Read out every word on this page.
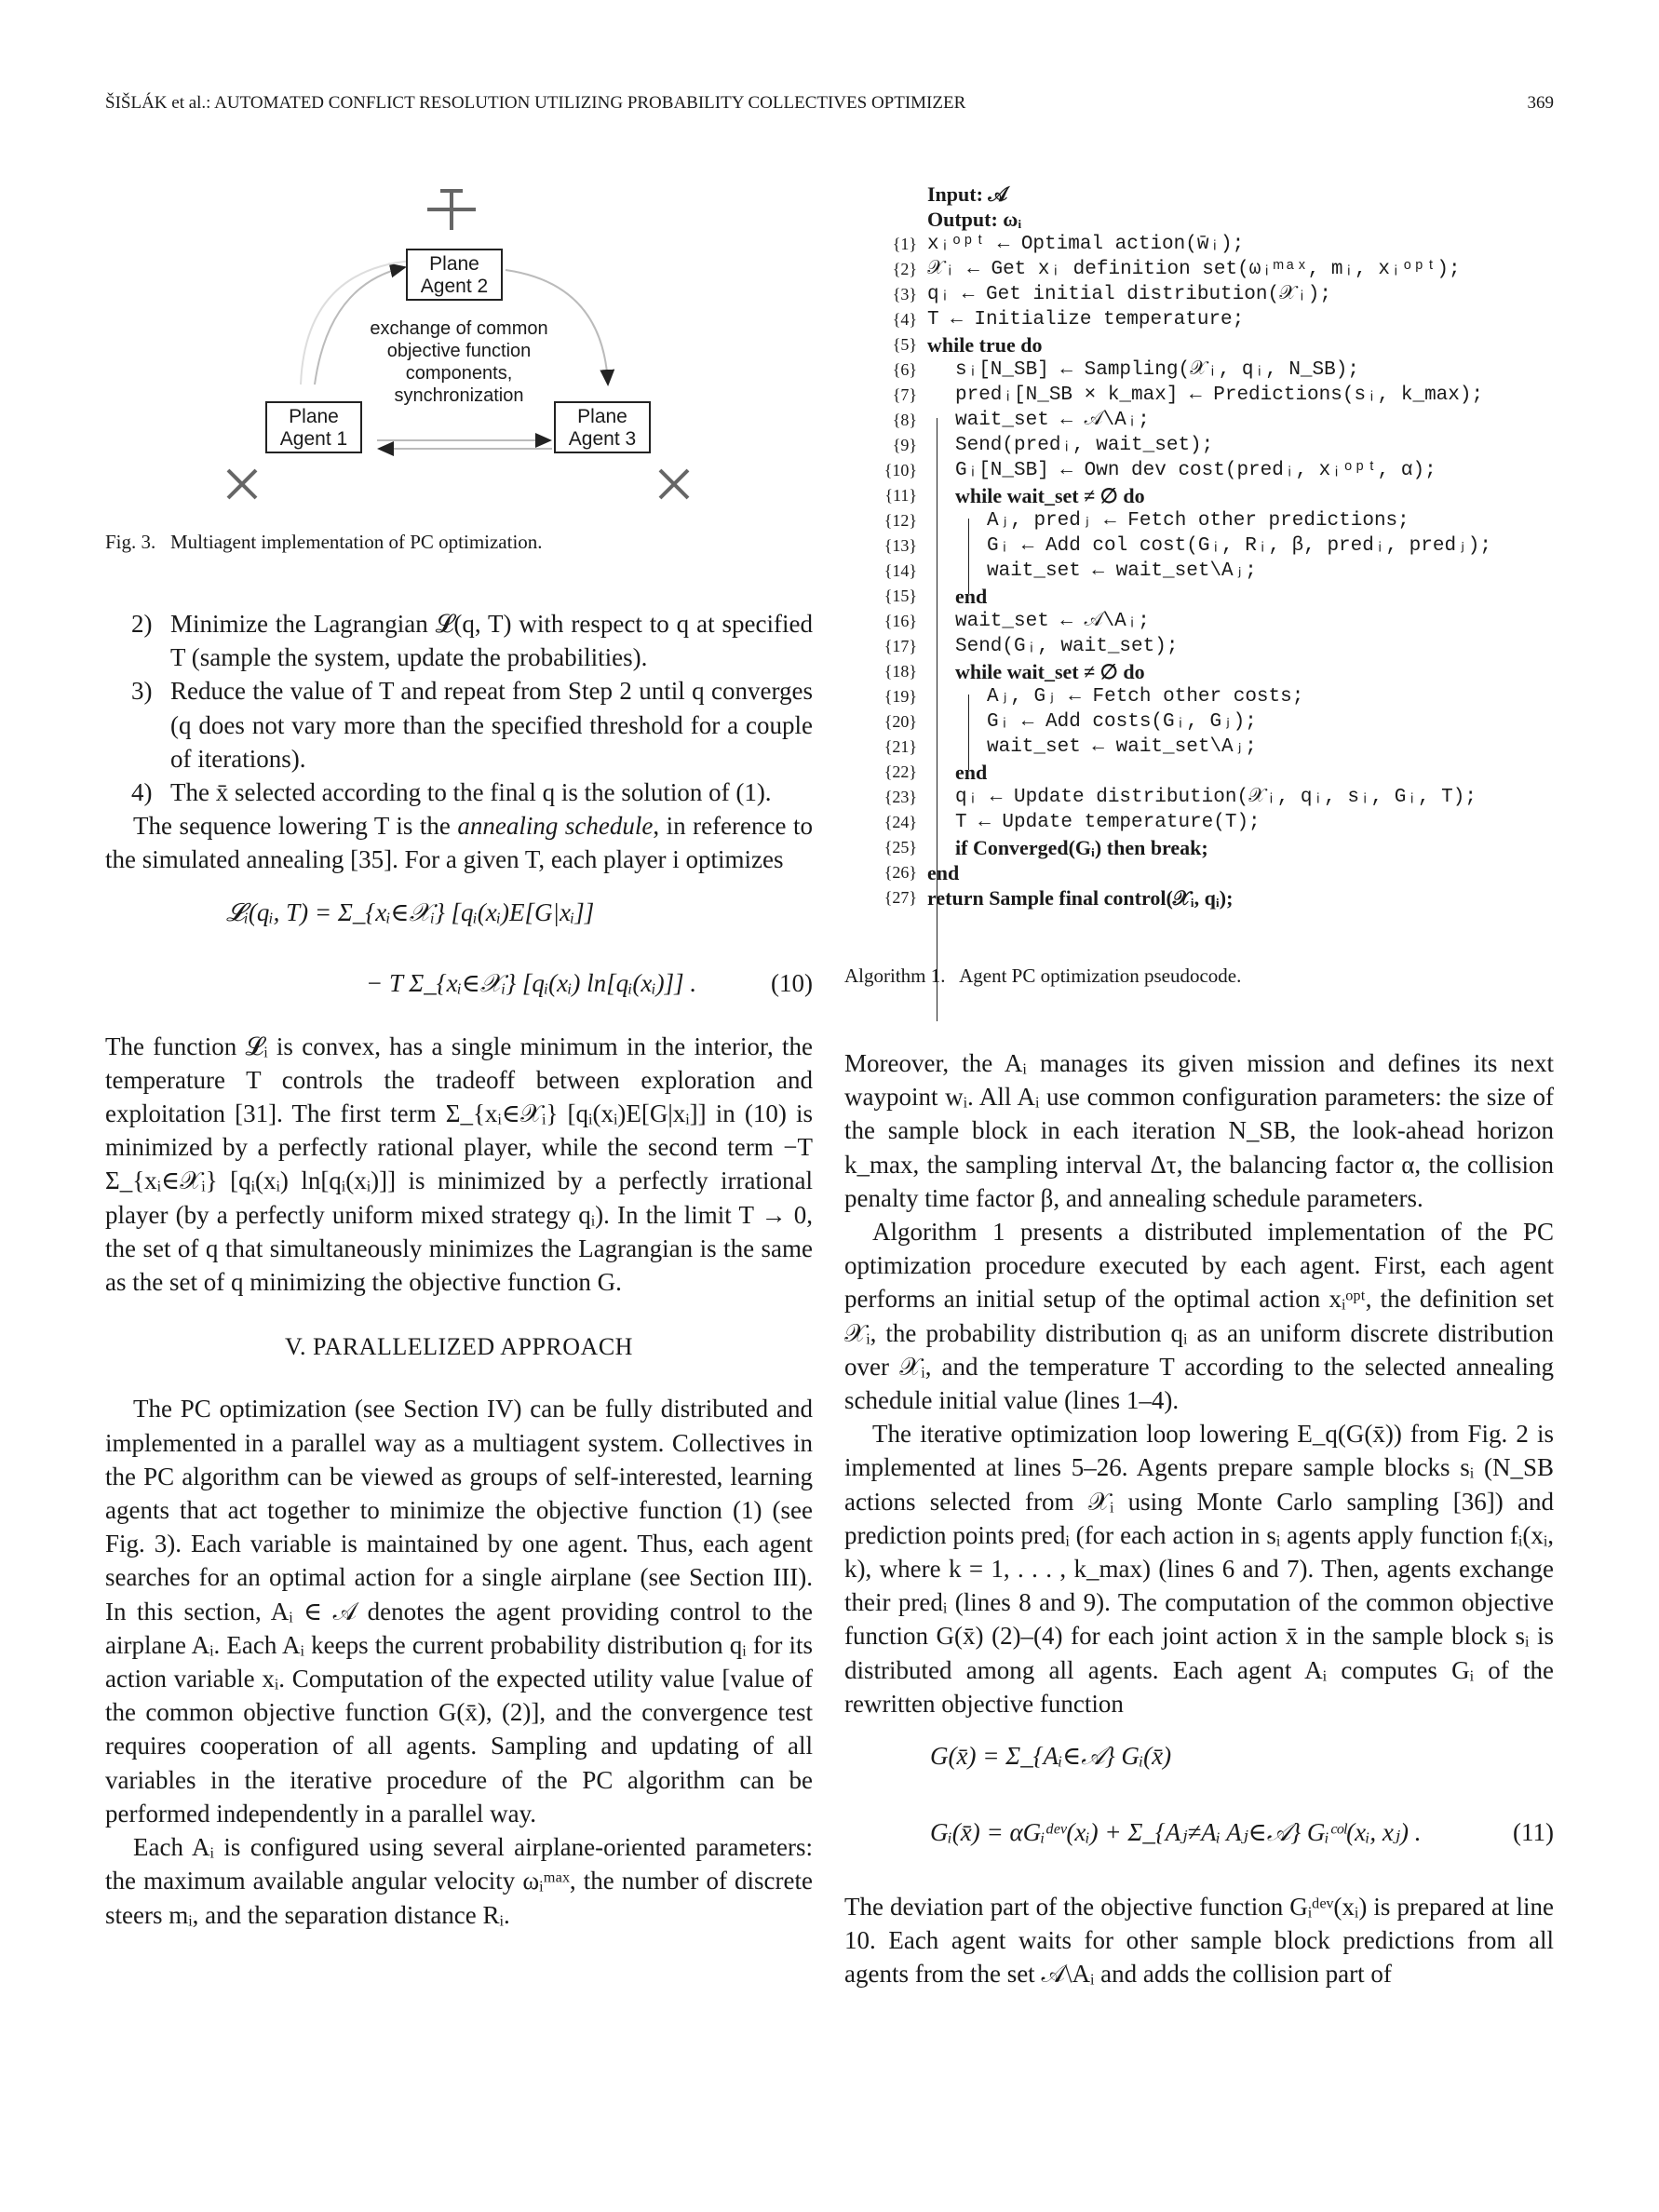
ŠIŠLÁK et al.: AUTOMATED CONFLICT RESOLUTION UTILIZING PROBABILITY COLLECTIVES OPTIMIZER	369
Plane Agent 2
Plane Agent 1
Plane Agent 3
exchange of common objective function components, synchronization
Fig. 3.   Multiagent implementation of PC optimization.
2) Minimize the Lagrangian 𝓛(q, T) with respect to q at specified T (sample the system, update the probabilities).
3) Reduce the value of T and repeat from Step 2 until q converges (q does not vary more than the specified threshold for a couple of iterations).
4) The x̄ selected according to the final q is the solution of (1).

The sequence lowering T is the annealing schedule, in reference to the simulated annealing [35]. For a given T, each player i optimizes

𝓛ᵢ(qᵢ, T) = Σ_{xᵢ∈𝒳ᵢ} [qᵢ(xᵢ)E[G|xᵢ]]
− T Σ_{xᵢ∈𝒳ᵢ} [qᵢ(xᵢ) ln[qᵢ(xᵢ)]] .	(10)

The function 𝓛ᵢ is convex, has a single minimum in the interior, the temperature T controls the tradeoff between exploration and exploitation [31]. The first term Σ_{xᵢ∈𝒳ᵢ} [qᵢ(xᵢ)E[G|xᵢ]] in (10) is minimized by a perfectly rational player, while the second term −T Σ_{xᵢ∈𝒳ᵢ} [qᵢ(xᵢ) ln[qᵢ(xᵢ)]] is minimized by a perfectly irrational player (by a perfectly uniform mixed strategy qᵢ). In the limit T → 0, the set of q that simultaneously minimizes the Lagrangian is the same as the set of q minimizing the objective function G.

V. PARALLELIZED APPROACH

The PC optimization (see Section IV) can be fully distributed and implemented in a parallel way as a multiagent system. Collectives in the PC algorithm can be viewed as groups of self-interested, learning agents that act together to minimize the objective function (1) (see Fig. 3). Each variable is maintained by one agent. Thus, each agent searches for an optimal action for a single airplane (see Section III). In this section, Aᵢ ∈ 𝒜 denotes the agent providing control to the airplane Aᵢ. Each Aᵢ keeps the current probability distribution qᵢ for its action variable xᵢ. Computation of the expected utility value [value of the common objective function G(x̄), (2)], and the convergence test requires cooperation of all agents. Sampling and updating of all variables in the iterative procedure of the PC algorithm can be performed independently in a parallel way.

Each Aᵢ is configured using several airplane-oriented parameters: the maximum available angular velocity ωᵢᵐᵃˣ, the number of discrete steers mᵢ, and the separation distance Rᵢ.

Input: 𝒜
Output: ωᵢ
{1} xᵢᵒᵖᵗ ← Optimal action(w̄ᵢ);
{2} 𝒳ᵢ ← Get xᵢ definition set(ωᵢᵐᵃˣ, mᵢ, xᵢᵒᵖᵗ);
{3} qᵢ ← Get initial distribution(𝒳ᵢ);
{4} T ← Initialize temperature;
{5} while true do
{6} sᵢ[N_SB] ← Sampling(𝒳ᵢ, qᵢ, N_SB);
{7} predᵢ[N_SB × k_max] ← Predictions(sᵢ, k_max);
{8} wait_set ← 𝒜\Aᵢ;
{9} Send(predᵢ, wait_set);
{10} Gᵢ[N_SB] ← Own dev cost(predᵢ, xᵢᵒᵖᵗ, α);
{11} while wait_set ≠ ∅ do
{12}	Aⱼ, predⱼ ← Fetch other predictions;
{13}	Gᵢ ← Add col cost(Gᵢ, Rᵢ, β, predᵢ, predⱼ);
{14}	wait_set ← wait_set\Aⱼ;
{15} end
{16} wait_set ← 𝒜\Aᵢ;
{17} Send(Gᵢ, wait_set);
{18} while wait_set ≠ ∅ do
{19}	Aⱼ, Gⱼ ← Fetch other costs;
{20}	Gᵢ ← Add costs(Gᵢ, Gⱼ);
{21}	wait_set ← wait_set\Aⱼ;
{22} end
{23} qᵢ ← Update distribution(𝒳ᵢ, qᵢ, sᵢ, Gᵢ, T);
{24} T ← Update temperature(T);
{25} if Converged(Gᵢ) then break;
{26} end
{27} return Sample final control(𝒳ᵢ, qᵢ);
Algorithm 1.   Agent PC optimization pseudocode.

Moreover, the Aᵢ manages its given mission and defines its next waypoint wᵢ. All Aᵢ use common configuration parameters: the size of the sample block in each iteration N_SB, the look-ahead horizon k_max, the sampling interval Δτ, the balancing factor α, the collision penalty time factor β, and annealing schedule parameters.

Algorithm 1 presents a distributed implementation of the PC optimization procedure executed by each agent. First, each agent performs an initial setup of the optimal action xᵢᵒᵖᵗ, the definition set 𝒳ᵢ, the probability distribution qᵢ as an uniform discrete distribution over 𝒳ᵢ, and the temperature T according to the selected annealing schedule initial value (lines 1–4).

The iterative optimization loop lowering E_q(G(x̄)) from Fig. 2 is implemented at lines 5–26. Agents prepare sample blocks sᵢ (N_SB actions selected from 𝒳ᵢ using Monte Carlo sampling [36]) and prediction points predᵢ (for each action in sᵢ agents apply function fᵢ(xᵢ, k), where k = 1, . . . , k_max) (lines 6 and 7). Then, agents exchange their predᵢ (lines 8 and 9). The computation of the common objective function G(x̄) (2)–(4) for each joint action x̄ in the sample block sᵢ is distributed among all agents. Each agent Aᵢ computes Gᵢ of the rewritten objective function

G(x̄) = Σ_{Aᵢ∈𝒜} Gᵢ(x̄)
Gᵢ(x̄) = αGᵢᵈᵉᵛ(xᵢ) + Σ_{Aⱼ≠Aᵢ Aⱼ∈𝒜} Gᵢᶜᵒˡ(xᵢ, xⱼ) .	(11)

The deviation part of the objective function Gᵢᵈᵉᵛ(xᵢ) is prepared at line 10. Each agent waits for other sample block predictions from all agents from the set 𝒜\Aᵢ and adds the collision part of
